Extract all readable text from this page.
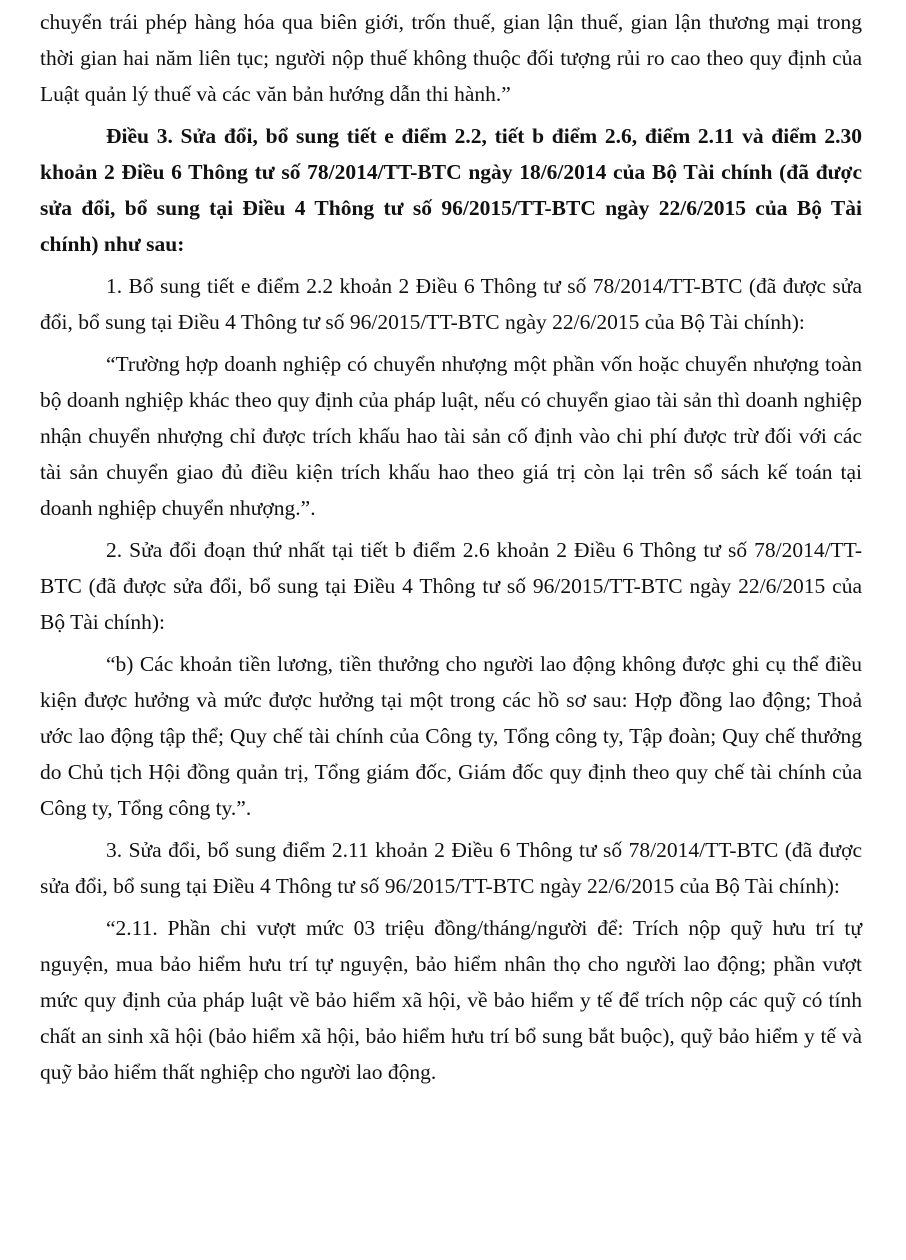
chuyển trái phép hàng hóa qua biên giới, trốn thuế, gian lận thuế, gian lận thương mại trong thời gian hai năm liên tục; người nộp thuế không thuộc đối tượng rủi ro cao theo quy định của Luật quản lý thuế và các văn bản hướng dẫn thi hành.”

Điều 3. Sửa đổi, bổ sung tiết e điểm 2.2, tiết b điểm 2.6, điểm 2.11 và điểm 2.30 khoản 2 Điều 6 Thông tư số 78/2014/TT-BTC ngày 18/6/2014 của Bộ Tài chính (đã được sửa đổi, bổ sung tại Điều 4 Thông tư số 96/2015/TT-BTC ngày 22/6/2015 của Bộ Tài chính) như sau:

1. Bổ sung tiết e điểm 2.2 khoản 2 Điều 6 Thông tư số 78/2014/TT-BTC (đã được sửa đổi, bổ sung tại Điều 4 Thông tư số 96/2015/TT-BTC ngày 22/6/2015 của Bộ Tài chính):

“Trường hợp doanh nghiệp có chuyển nhượng một phần vốn hoặc chuyển nhượng toàn bộ doanh nghiệp khác theo quy định của pháp luật, nếu có chuyển giao tài sản thì doanh nghiệp nhận chuyển nhượng chỉ được trích khấu hao tài sản cố định vào chi phí được trừ đối với các tài sản chuyển giao đủ điều kiện trích khấu hao theo giá trị còn lại trên sổ sách kế toán tại doanh nghiệp chuyển nhượng.”.

2. Sửa đổi đoạn thứ nhất tại tiết b điểm 2.6 khoản 2 Điều 6 Thông tư số 78/2014/TT-BTC (đã được sửa đổi, bổ sung tại Điều 4 Thông tư số 96/2015/TT-BTC ngày 22/6/2015 của Bộ Tài chính):

“b) Các khoản tiền lương, tiền thưởng cho người lao động không được ghi cụ thể điều kiện được hưởng và mức được hưởng tại một trong các hồ sơ sau: Hợp đồng lao động; Thoả ước lao động tập thể; Quy chế tài chính của Công ty, Tổng công ty, Tập đoàn; Quy chế thưởng do Chủ tịch Hội đồng quản trị, Tổng giám đốc, Giám đốc quy định theo quy chế tài chính của Công ty, Tổng công ty.”.

3. Sửa đổi, bổ sung điểm 2.11 khoản 2 Điều 6 Thông tư số 78/2014/TT-BTC (đã được sửa đổi, bổ sung tại Điều 4 Thông tư số 96/2015/TT-BTC ngày 22/6/2015 của Bộ Tài chính):

“2.11. Phần chi vượt mức 03 triệu đồng/tháng/người để: Trích nộp quỹ hưu trí tự nguyện, mua bảo hiểm hưu trí tự nguyện, bảo hiểm nhân thọ cho người lao động; phần vượt mức quy định của pháp luật về bảo hiểm xã hội, về bảo hiểm y tế để trích nộp các quỹ có tính chất an sinh xã hội (bảo hiểm xã hội, bảo hiểm hưu trí bổ sung bắt buộc), quỹ bảo hiểm y tế và quỹ bảo hiểm thất nghiệp cho người lao động.
